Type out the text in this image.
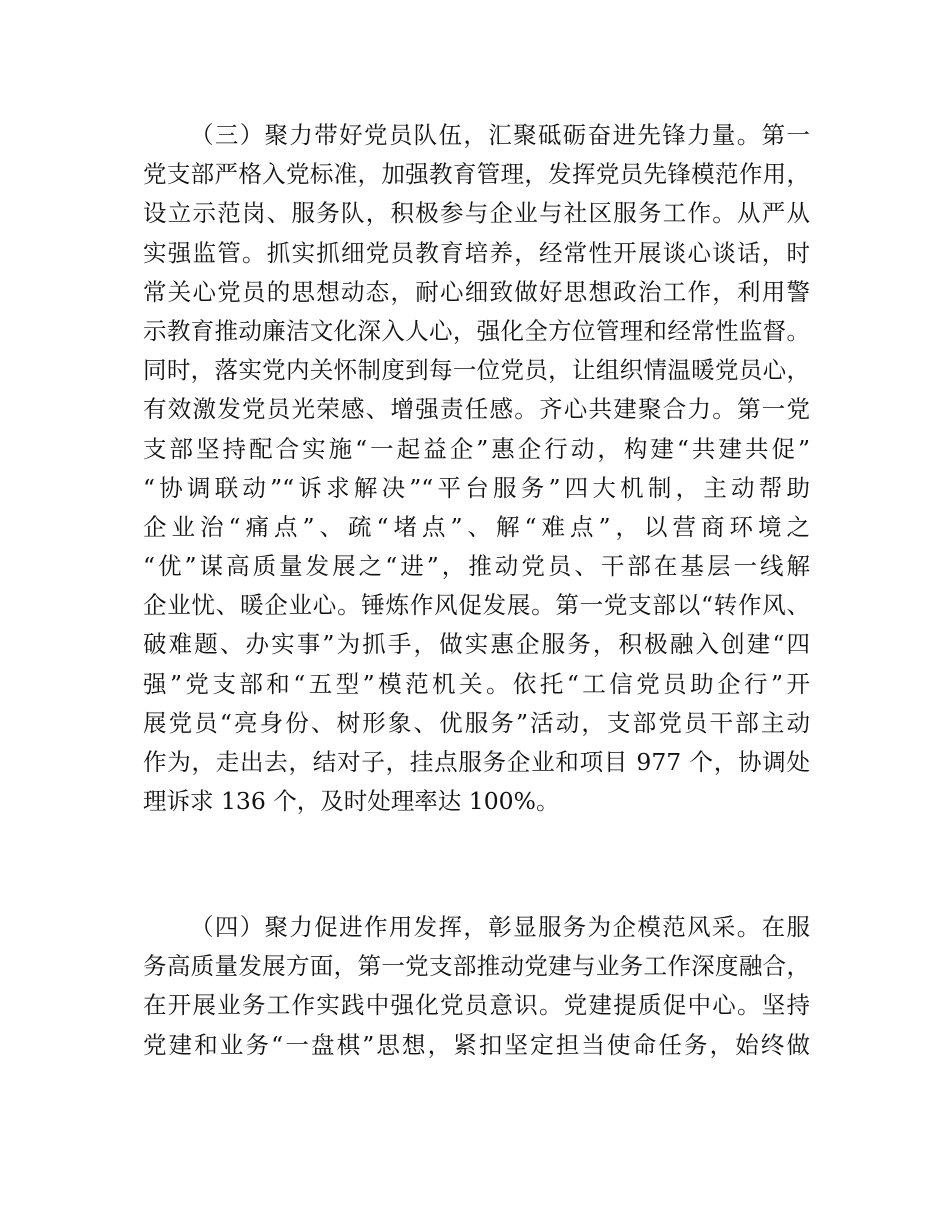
（三）聚力带好党员队伍，汇聚砥砺奋进先锋力量。第一
党支部严格入党标准，加强教育管理，发挥党员先锋模范作用，
设立示范岗、服务队，积极参与企业与社区服务工作。从严从
实强监管。抓实抓细党员教育培养，经常性开展谈心谈话，时
常关心党员的思想动态，耐心细致做好思想政治工作，利用警
示教育推动廉洁文化深入人心，强化全方位管理和经常性监督。
同时，落实党内关怀制度到每一位党员，让组织情温暖党员心，
有效激发党员光荣感、增强责任感。齐心共建聚合力。第一党
支部坚持配合实施“一起益企”惠企行动，构建“共建共促”
“协调联动”“诉求解决”“平台服务”四大机制，主动帮助
企业治“痛点”、疏“堵点”、解“难点”，以营商环境之
“优”谋高质量发展之“进”，推动党员、干部在基层一线解
企业忧、暖企业心。锤炼作风促发展。第一党支部以“转作风、
破难题、办实事”为抓手，做实惠企服务，积极融入创建“四
强”党支部和“五型”模范机关。依托“工信党员助企行”开
展党员“亮身份、树形象、优服务”活动，支部党员干部主动
作为，走出去，结对子，挂点服务企业和项目 977 个，协调处
理诉求 136 个，及时处理率达 100%。
（四）聚力促进作用发挥，彰显服务为企模范风采。在服
务高质量发展方面，第一党支部推动党建与业务工作深度融合，
在开展业务工作实践中强化党员意识。党建提质促中心。坚持
党建和业务“一盘棋”思想，紧扣坚定担当使命任务，始终做
